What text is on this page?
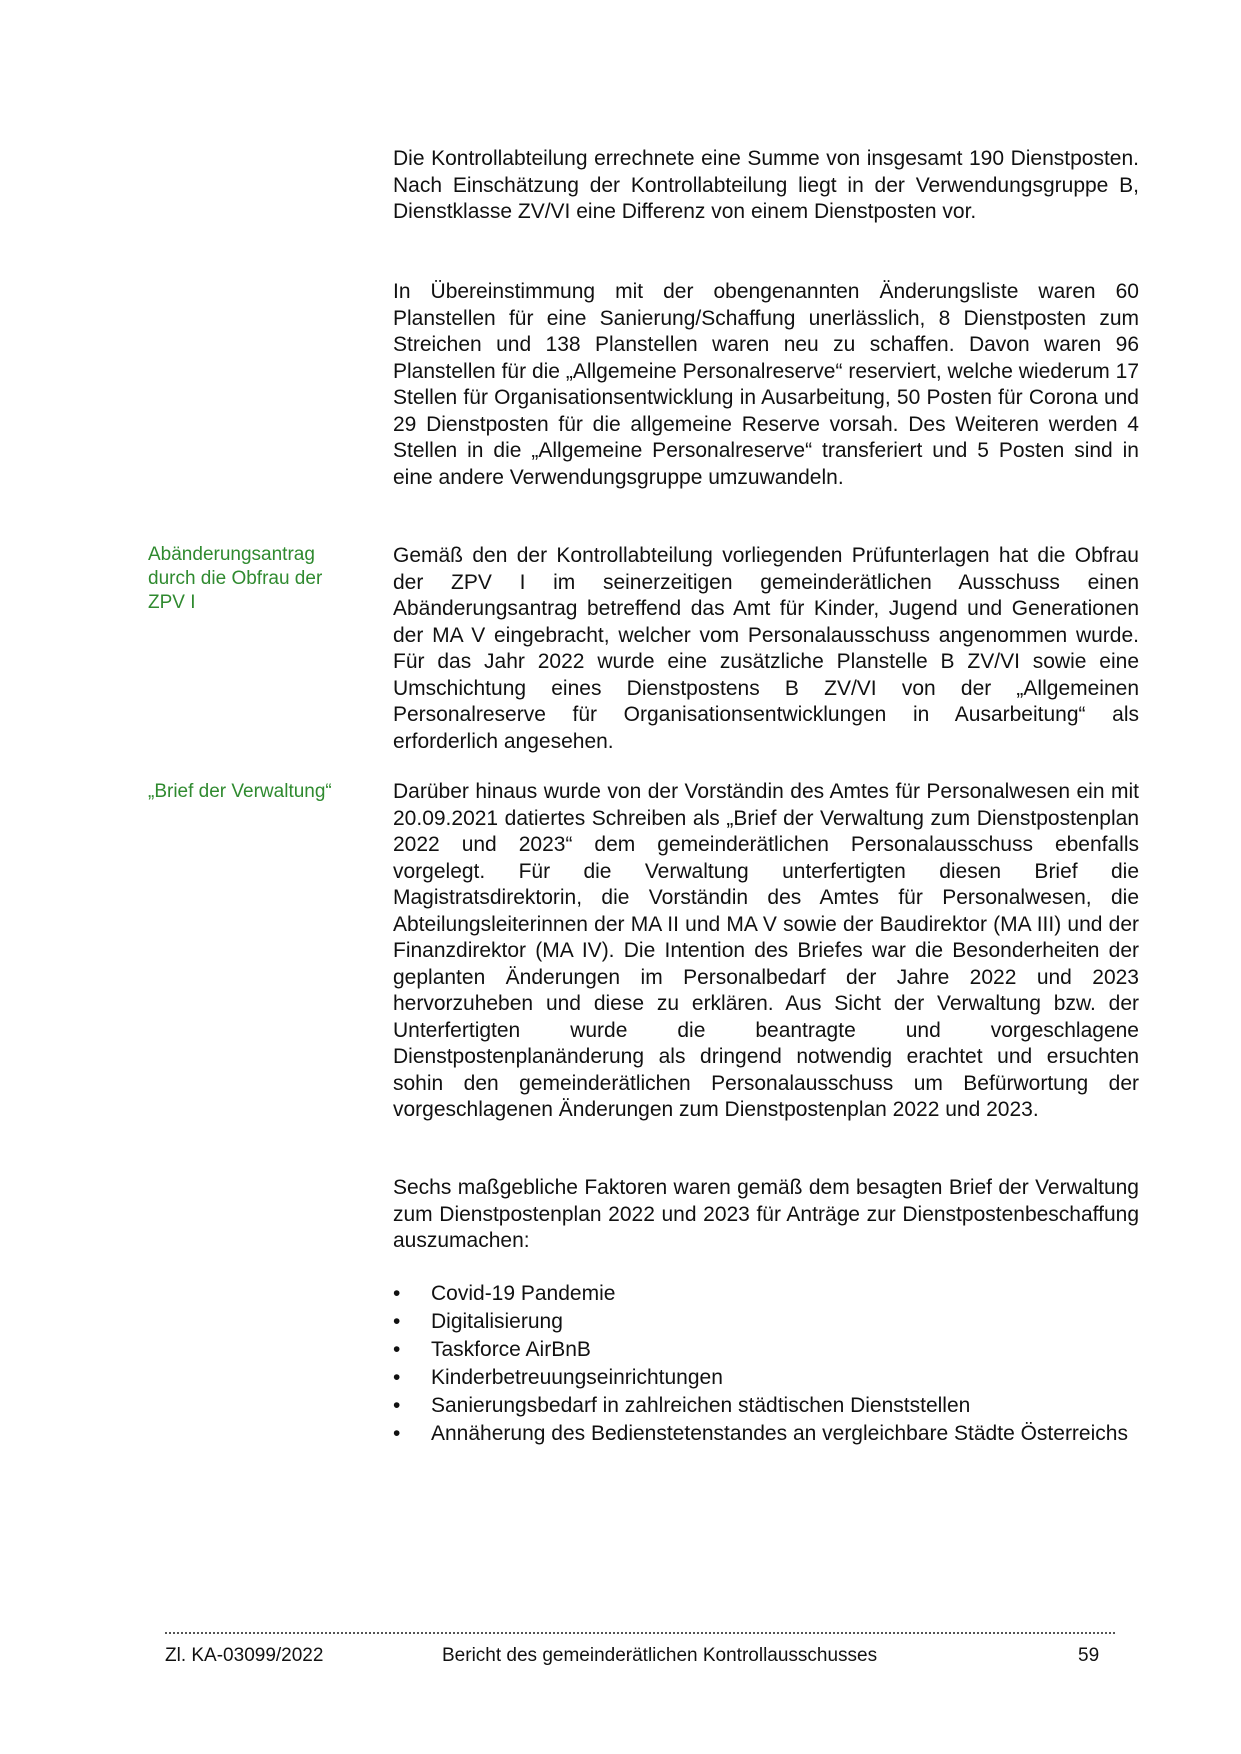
Die Kontrollabteilung errechnete eine Summe von insgesamt 190 Dienstposten. Nach Einschätzung der Kontrollabteilung liegt in der Verwendungsgruppe B, Dienstklasse ZV/VI eine Differenz von einem Dienstposten vor.

In Übereinstimmung mit der obengenannten Änderungsliste waren 60 Planstellen für eine Sanierung/Schaffung unerlässlich, 8 Dienstposten zum Streichen und 138 Planstellen waren neu zu schaffen. Davon waren 96 Planstellen für die „Allgemeine Personalreserve“ reserviert, welche wiederum 17 Stellen für Organisationsentwicklung in Ausarbeitung, 50 Posten für Corona und 29 Dienstposten für die allgemeine Reserve vorsah. Des Weiteren werden 4 Stellen in die „Allgemeine Personalreserve“ transferiert und 5 Posten sind in eine andere Verwendungsgruppe umzuwandeln.

Abänderungsantrag durch die Obfrau der ZPV I

Gemäß den der Kontrollabteilung vorliegenden Prüfunterlagen hat die Obfrau der ZPV I im seinerzeitigen gemeinderätlichen Ausschuss einen Abänderungsantrag betreffend das Amt für Kinder, Jugend und Generationen der MA V eingebracht, welcher vom Personalausschuss angenommen wurde. Für das Jahr 2022 wurde eine zusätzliche Planstelle B ZV/VI sowie eine Umschichtung eines Dienstpostens B ZV/VI von der „Allgemeinen Personalreserve für Organisationsentwicklungen in Ausarbeitung“ als erforderlich angesehen.

„Brief der Verwaltung“	Darüber hinaus wurde von der Vorständin des Amtes für Personalwesen ein mit 20.09.2021 datiertes Schreiben als „Brief der Verwaltung zum Dienstpostenplan 2022 und 2023“ dem gemeinderätlichen Personalausschuss ebenfalls vorgelegt. Für die Verwaltung unterfertigten diesen Brief die Magistratsdirektorin, die Vorständin des Amtes für Personalwesen, die Abteilungsleiterinnen der MA II und MA V sowie der Baudirektor (MA III) und der Finanzdirektor (MA IV). Die Intention des Briefes war die Besonderheiten der geplanten Änderungen im Personalbedarf der Jahre 2022 und 2023 hervorzuheben und diese zu erklären. Aus Sicht der Verwaltung bzw. der Unterfertigten wurde die beantragte und vorgeschlagene Dienstpostenplanänderung als dringend notwendig erachtet und ersuchten sohin den gemeinderätlichen Personalausschuss um Befürwortung der vorgeschlagenen Änderungen zum Dienstpostenplan 2022 und 2023.

Sechs maßgebliche Faktoren waren gemäß dem besagten Brief der Verwaltung zum Dienstpostenplan 2022 und 2023 für Anträge zur Dienstpostenbeschaffung auszumachen:

• Covid-19 Pandemie
• Digitalisierung
• Taskforce AirBnB
• Kinderbetreuungseinrichtungen
• Sanierungsbedarf in zahlreichen städtischen Dienststellen
• Annäherung des Bedienstetenstandes an vergleichbare Städte Österreichs
Zl. KA-03099/2022	Bericht des gemeinderätlichen Kontrollausschusses	59
